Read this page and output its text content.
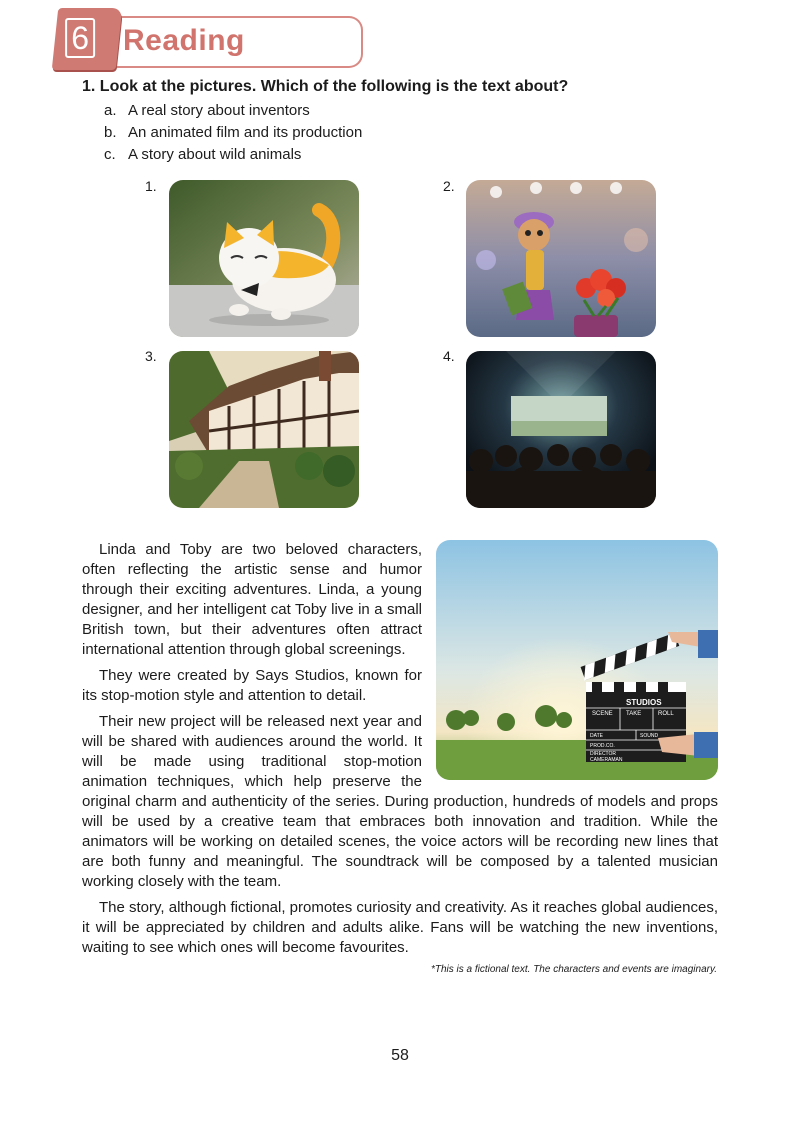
Reading
6

1. Look at the pictures. Which of the following is the text about?

a. A real story about inventors
b. An animated film and its production
c. A story about wild animals
1.	2.
3.	4.
STUDIOS
SCENE TAKE	ROLL
DATE	SOUND
PROD.CO.
DIRECTOR
CAMERAMAN

Linda and Toby are two beloved characters, often reflecting the artistic sense and humor through their exciting adventures. Linda, a young designer, and her intelligent cat Toby live in a small British town, but their adventures often attract international attention through global screenings.

They were created by Says Studios, known for its stop-motion style and attention to detail.

Their new project will be released next year and will be shared with audiences around the world. It will be made using traditional stop-motion animation techniques, which help preserve the original charm and authenticity of the series. During production, hundreds of models and props will be used by a creative team that embraces both innovation and tradition. While the animators will be working on detailed scenes, the voice actors will be recording new lines that are both funny and meaningful. The soundtrack will be composed by a talented musician working closely with the team.

The story, although fictional, promotes curiosity and creativity. As it reaches global audiences, it will be appreciated by children and adults alike. Fans will be watching the new inventions, waiting to see which ones will become favourites.

*This is a fictional text. The characters and events are imaginary.
58
